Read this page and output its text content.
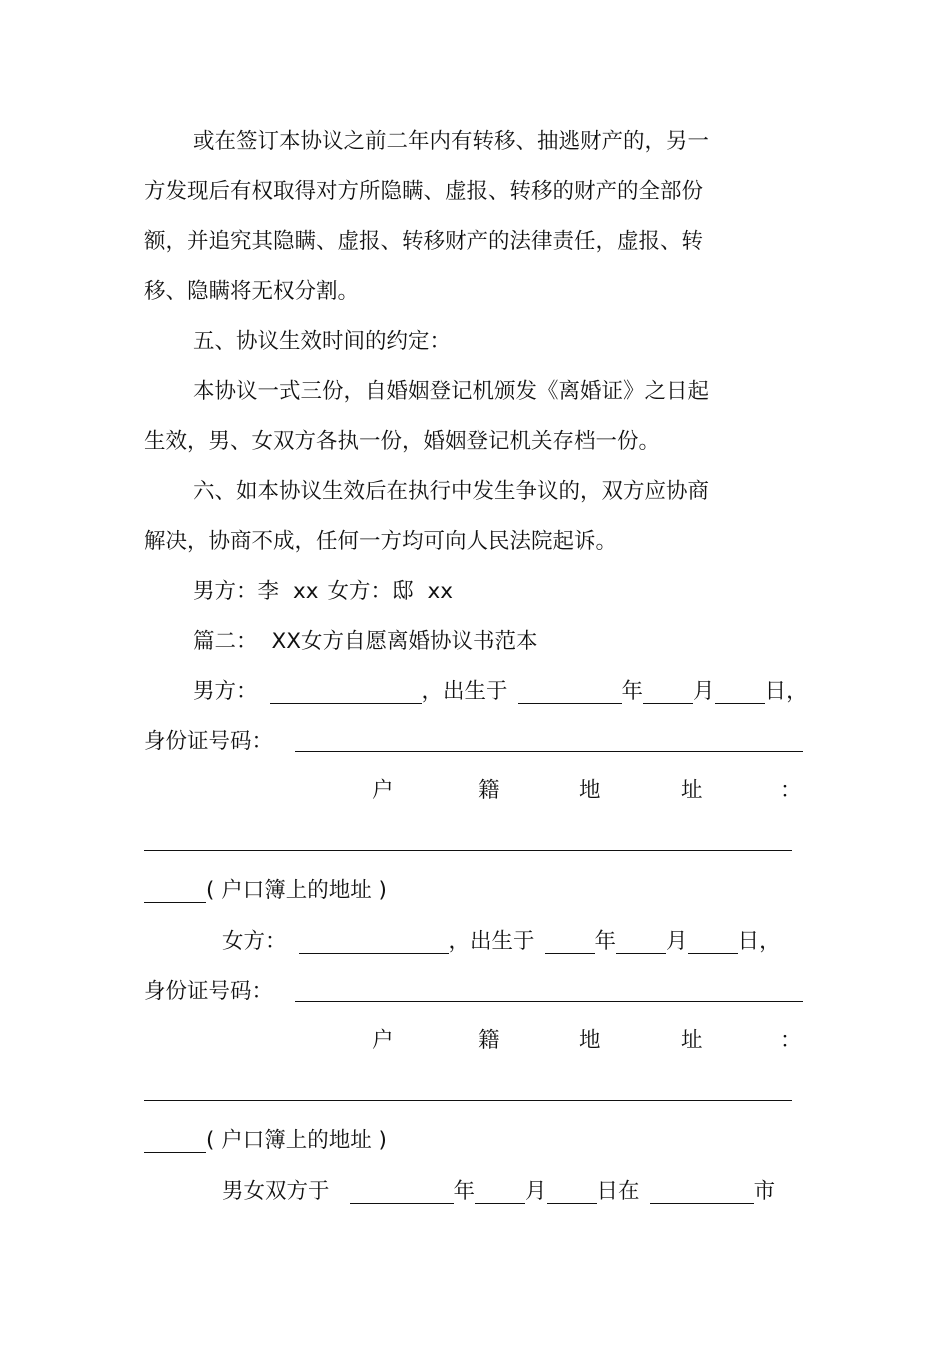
或在签订本协议之前二年内有转移、抽逃财产的，另一

方发现后有权取得对方所隐瞒、虚报、转移的财产的全部份

额，并追究其隐瞒、虚报、转移财产的法律责任，虚报、转

移、隐瞒将无权分割。

五、协议生效时间的约定：

本协议一式三份，自婚姻登记机颁发《离婚证》之日起

生效，男、女双方各执一份，婚姻登记机关存档一份。

六、如本协议生效后在执行中发生争议的，双方应协商

解决，协商不成，任何一方均可向人民法院起诉。

男方：李 xx 女方：邸 xx

篇二： XX女方自愿离婚协议书范本

男方：	，出生于	年 月 日，

身份证号码：

户	籍	地	址	：

( 户口簿上的地址 )

女方：	，出生于	年 月 日，

身份证号码：

户	籍	地	址	：

( 户口簿上的地址 )

男女双方于	年 月 日在	市
